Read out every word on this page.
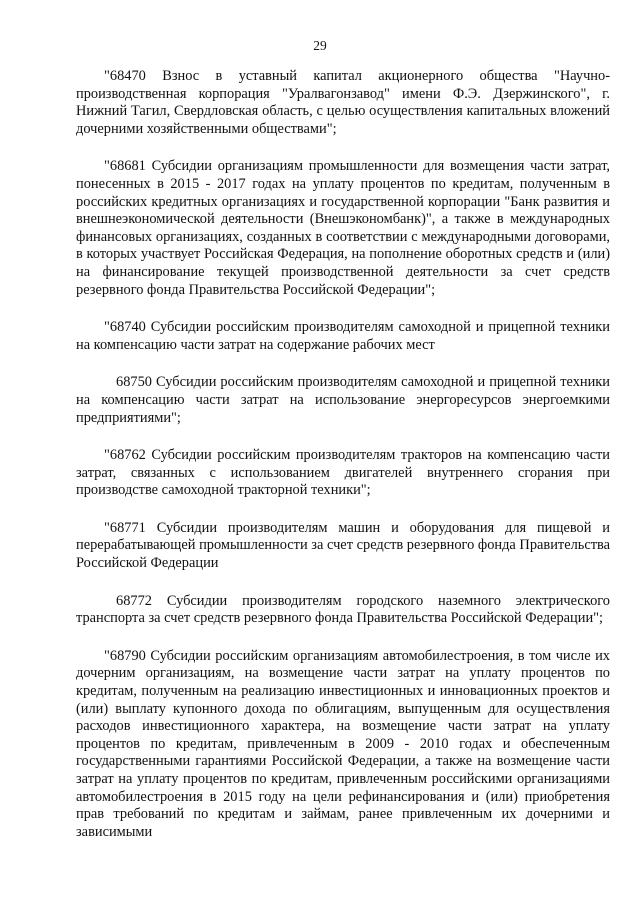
29

"68470 Взнос в уставный капитал акционерного общества "Научно-производственная корпорация "Уралвагонзавод" имени Ф.Э. Дзержинского", г. Нижний Тагил, Свердловская область, с целью осуществления капитальных вложений дочерними хозяйственными обществами";

"68681 Субсидии организациям промышленности для возмещения части затрат, понесенных в 2015 - 2017 годах на уплату процентов по кредитам, полученным в российских кредитных организациях и государственной корпорации "Банк развития и внешнеэкономической деятельности (Внешэкономбанк)", а также в международных финансовых организациях, созданных в соответствии с международными договорами, в которых участвует Российская Федерация, на пополнение оборотных средств и (или) на финансирование текущей производственной деятельности за счет средств резервного фонда Правительства Российской Федерации";

"68740 Субсидии российским производителям самоходной и прицепной техники на компенсацию части затрат на содержание рабочих мест

68750 Субсидии российским производителям самоходной и прицепной техники на компенсацию части затрат на использование энергоресурсов энергоемкими предприятиями";

"68762 Субсидии российским производителям тракторов на компенсацию части затрат, связанных с использованием двигателей внутреннего сгорания при производстве самоходной тракторной техники";

"68771 Субсидии производителям машин и оборудования для пищевой и перерабатывающей промышленности за счет средств резервного фонда Правительства Российской Федерации

68772 Субсидии производителям городского наземного электрического транспорта за счет средств резервного фонда Правительства Российской Федерации";

"68790 Субсидии российским организациям автомобилестроения, в том числе их дочерним организациям, на возмещение части затрат на уплату процентов по кредитам, полученным на реализацию инвестиционных и инновационных проектов и (или) выплату купонного дохода по облигациям, выпущенным для осуществления расходов инвестиционного характера, на возмещение части затрат на уплату процентов по кредитам, привлеченным в 2009 - 2010 годах и обеспеченным государственными гарантиями Российской Федерации, а также на возмещение части затрат на уплату процентов по кредитам, привлеченным российскими организациями автомобилестроения в 2015 году на цели рефинансирования и (или) приобретения прав требований по кредитам и займам, ранее привлеченным их дочерними и зависимыми
